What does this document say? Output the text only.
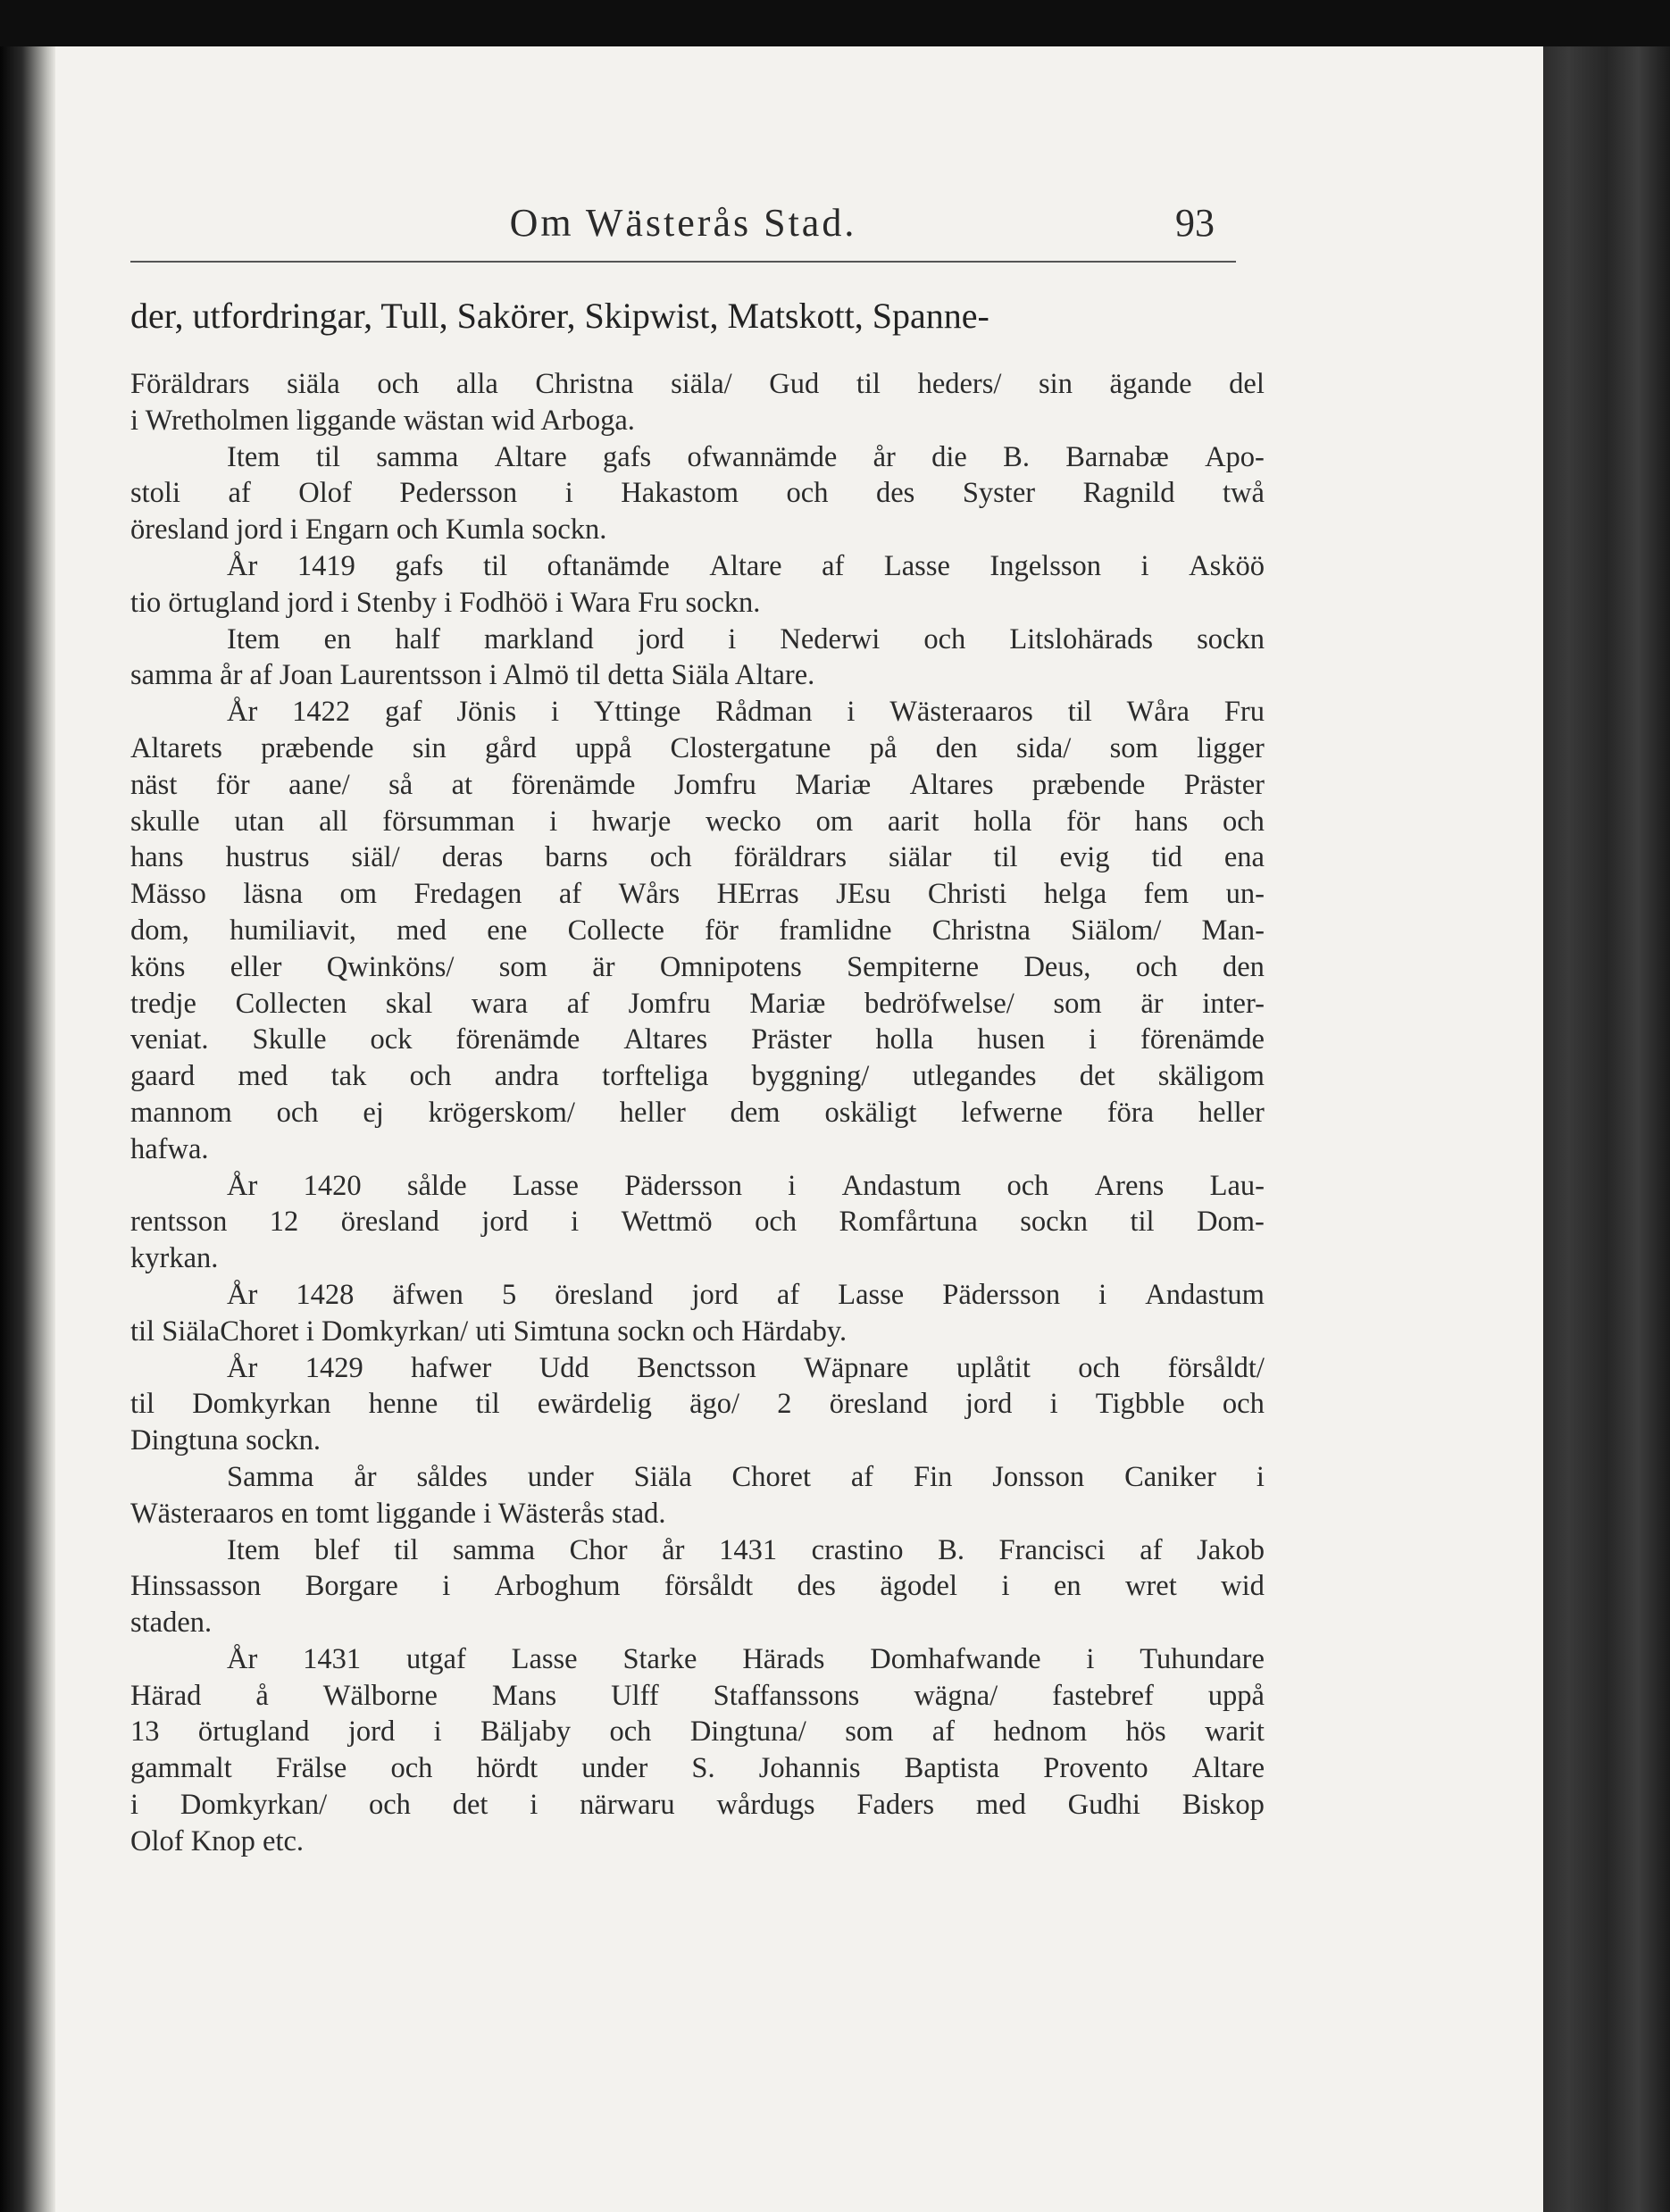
Om Wästerås Stad.	93
der, utfordringar, Tull, Sakörer, Skipwist, Matskott, Spanne-
Föräldrars siäla och alla Christna siäla/ Gud til heders/ sin ägande del
i Wretholmen liggande wästan wid Arboga.
Item til samma Altare gafs ofwannämde år die B. Barnabæ Apo-
stoli af Olof Pedersson i Hakastom och des Syster Ragnild twå
öresland jord i Engarn och Kumla sockn.
År 1419 gafs til oftanämde Altare af Lasse Ingelsson i Asköö
tio örtugland jord i Stenby i Fodhöö i Wara Fru sockn.
Item en half markland jord i Nederwi och Litslohärads sockn
samma år af Joan Laurentsson i Almö til detta Siäla Altare.
År 1422 gaf Jönis i Yttinge Rådman i Wästeraaros til Wåra Fru
Altarets præbende sin gård uppå Clostergatune på den sida/ som ligger
näst för aane/ så at förenämde Jomfru Mariæ Altares præbende Präster
skulle utan all försumman i hwarje wecko om aarit holla för hans och
hans hustrus siäl/ deras barns och föräldrars siälar til evig tid ena
Mässo läsna om Fredagen af Wårs HErras JEsu Christi helga fem un-
dom, humiliavit, med ene Collecte för framlidne Christna Siälom/ Man-
köns eller Qwinköns/ som är Omnipotens Sempiterne Deus, och den
tredje Collecten skal wara af Jomfru Mariæ bedröfwelse/ som är inter-
veniat. Skulle ock förenämde Altares Präster holla husen i förenämde
gaard med tak och andra torfteliga byggning/ utlegandes det skäligom
mannom och ej krögerskom/ heller dem oskäligt lefwerne föra heller
hafwa.
År 1420 sålde Lasse Pädersson i Andastum och Arens Lau-
rentsson 12 öresland jord i Wettmö och Romfårtuna sockn til Dom-
kyrkan.
År 1428 äfwen 5 öresland jord af Lasse Pädersson i Andastum
til SiälaChoret i Domkyrkan/ uti Simtuna sockn och Härdaby.
År 1429 hafwer Udd Benctsson Wäpnare uplåtit och försåldt/
til Domkyrkan henne til ewärdelig ägo/ 2 öresland jord i Tigbble och
Dingtuna sockn.
Samma år såldes under Siäla Choret af Fin Jonsson Caniker i
Wästeraaros en tomt liggande i Wästerås stad.
Item blef til samma Chor år 1431 crastino B. Francisci af Jakob
Hinssasson Borgare i Arboghum försåldt des ägodel i en wret wid
staden.
År 1431 utgaf Lasse Starke Härads Domhafwande i Tuhundare
Härad å Wälborne Mans Ulff Staffanssons wägna/ fastebref uppå
13 örtugland jord i Bäljaby och Dingtuna/ som af hednom hös warit
gammalt Frälse och hördt under S. Johannis Baptista Provento Altare
i Domkyrkan/ och det i närwaru wårdugs Faders med Gudhi Biskop
Olof Knop etc.
